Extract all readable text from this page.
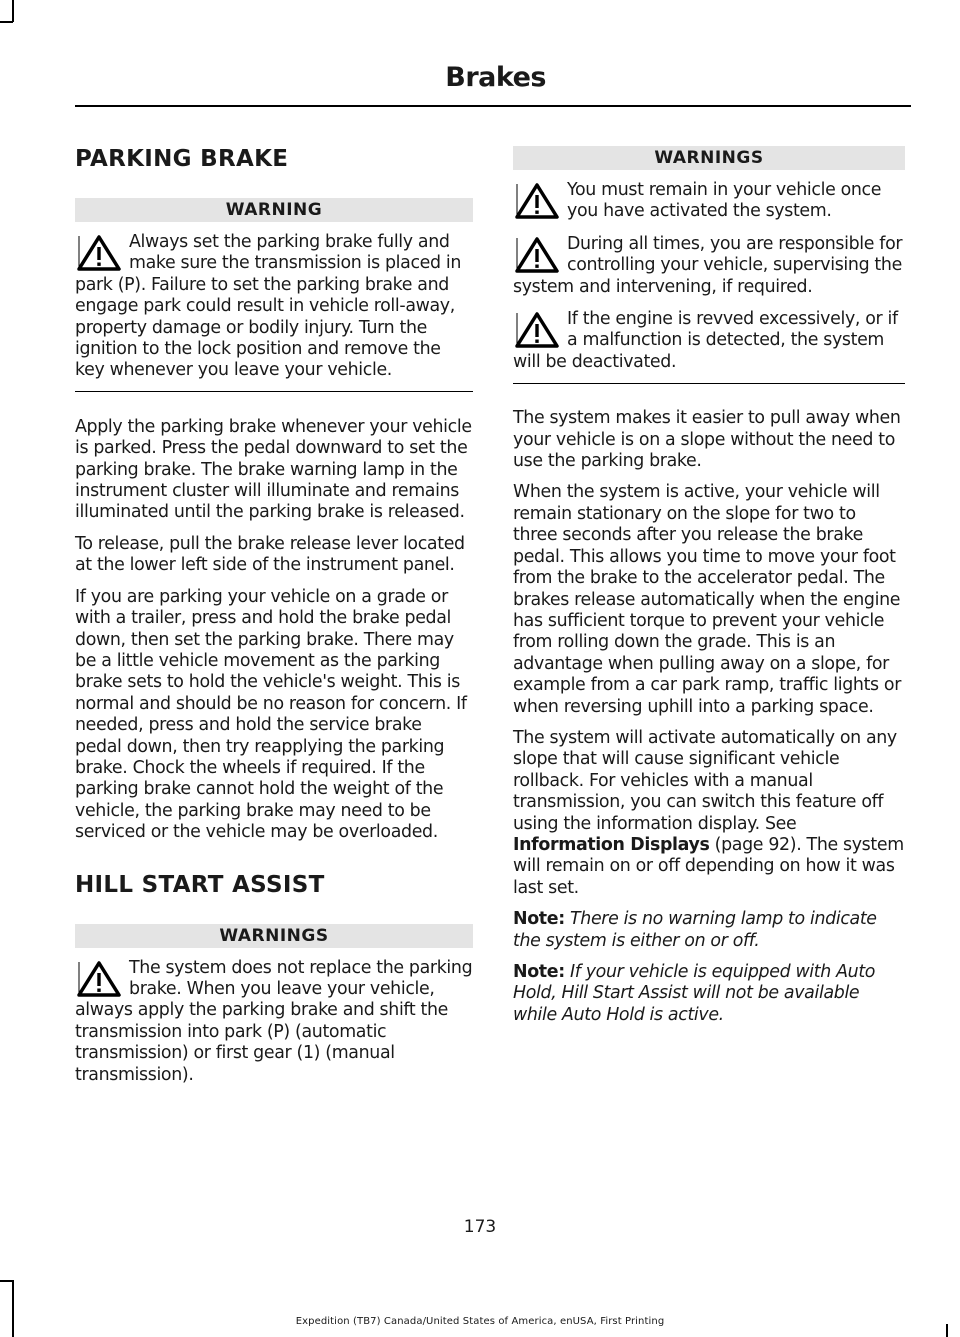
Brakes
PARKING BRAKE
WARNING

Always set the parking brake fully and make sure the transmission is placed in park (P). Failure to set the parking brake and engage park could result in vehicle roll-away, property damage or bodily injury. Turn the ignition to the lock position and remove the key whenever you leave your vehicle.

Apply the parking brake whenever your vehicle is parked. Press the pedal downward to set the parking brake. The brake warning lamp in the instrument cluster will illuminate and remains illuminated until the parking brake is released.

To release, pull the brake release lever located at the lower left side of the instrument panel.

If you are parking your vehicle on a grade or with a trailer, press and hold the brake pedal down, then set the parking brake. There may be a little vehicle movement as the parking brake sets to hold the vehicle's weight. This is normal and should be no reason for concern. If needed, press and hold the service brake pedal down, then try reapplying the parking brake. Chock the wheels if required. If the parking brake cannot hold the weight of the vehicle, the parking brake may need to be serviced or the vehicle may be overloaded.

HILL START ASSIST
WARNINGS

The system does not replace the parking brake. When you leave your vehicle, always apply the parking brake and shift the transmission into park (P) (automatic transmission) or first gear (1) (manual transmission).

WARNINGS

You must remain in your vehicle once you have activated the system.

During all times, you are responsible for controlling your vehicle, supervising the system and intervening, if required.

If the engine is revved excessively, or if a malfunction is detected, the system will be deactivated.

The system makes it easier to pull away when your vehicle is on a slope without the need to use the parking brake.

When the system is active, your vehicle will remain stationary on the slope for two to three seconds after you release the brake pedal. This allows you time to move your foot from the brake to the accelerator pedal. The brakes release automatically when the engine has sufficient torque to prevent your vehicle from rolling down the grade. This is an advantage when pulling away on a slope, for example from a car park ramp, traffic lights or when reversing uphill into a parking space.

The system will activate automatically on any slope that will cause significant vehicle rollback. For vehicles with a manual transmission, you can switch this feature off using the information display. See Information Displays (page 92). The system will remain on or off depending on how it was last set.

Note: There is no warning lamp to indicate the system is either on or off.

Note: If your vehicle is equipped with Auto Hold, Hill Start Assist will not be available while Auto Hold is active.

173
Expedition (TB7) Canada/United States of America, enUSA, First Printing
